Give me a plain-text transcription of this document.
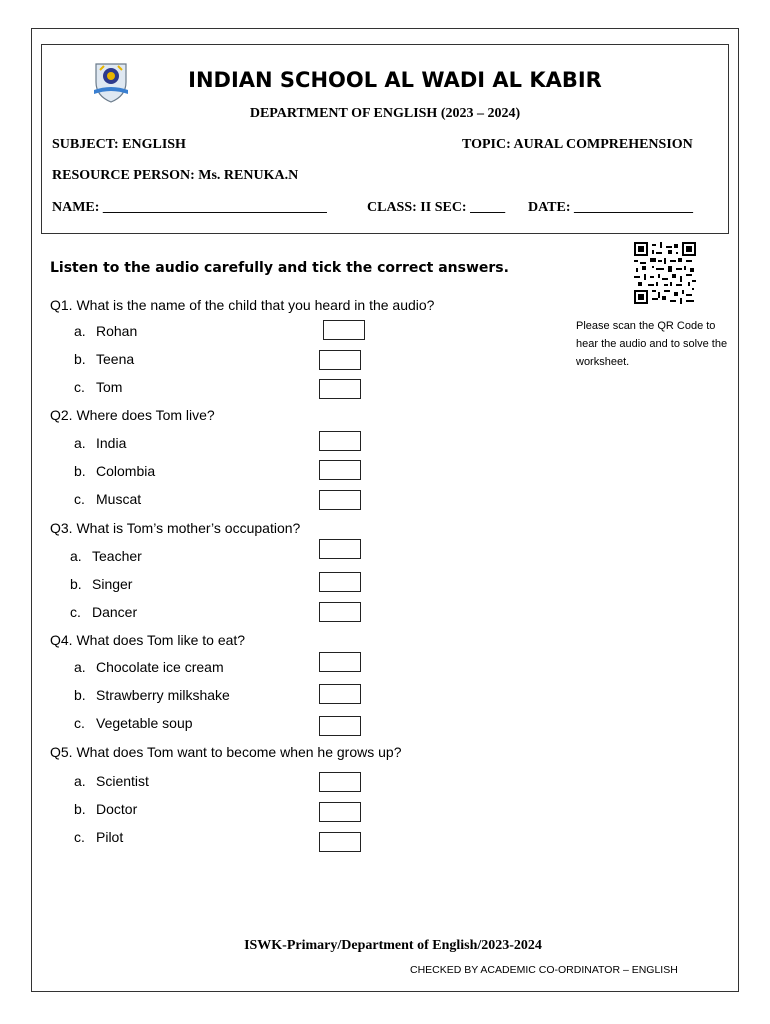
INDIAN SCHOOL AL WADI AL KABIR
DEPARTMENT OF ENGLISH (2023 – 2024)
SUBJECT: ENGLISH	TOPIC: AURAL COMPREHENSION
RESOURCE PERSON: Ms. RENUKA.N
NAME: ________________________________	CLASS: II SEC: _____ DATE: _________________
Listen to the audio carefully and tick the correct answers.
Please scan the QR Code to hear the audio and to solve the worksheet.
Q1. What is the name of the child that you heard in the audio?
a. Rohan
b. Teena
c. Tom
Q2. Where does Tom live?
a. India
b. Colombia
c. Muscat
Q3. What is Tom’s mother’s occupation?
a. Teacher
b. Singer
c. Dancer
Q4. What does Tom like to eat?
a. Chocolate ice cream
b. Strawberry milkshake
c. Vegetable soup
Q5. What does Tom want to become when he grows up?
a. Scientist
b. Doctor
c. Pilot
ISWK-Primary/Department of English/2023-2024
CHECKED BY ACADEMIC CO-ORDINATOR – ENGLISH
